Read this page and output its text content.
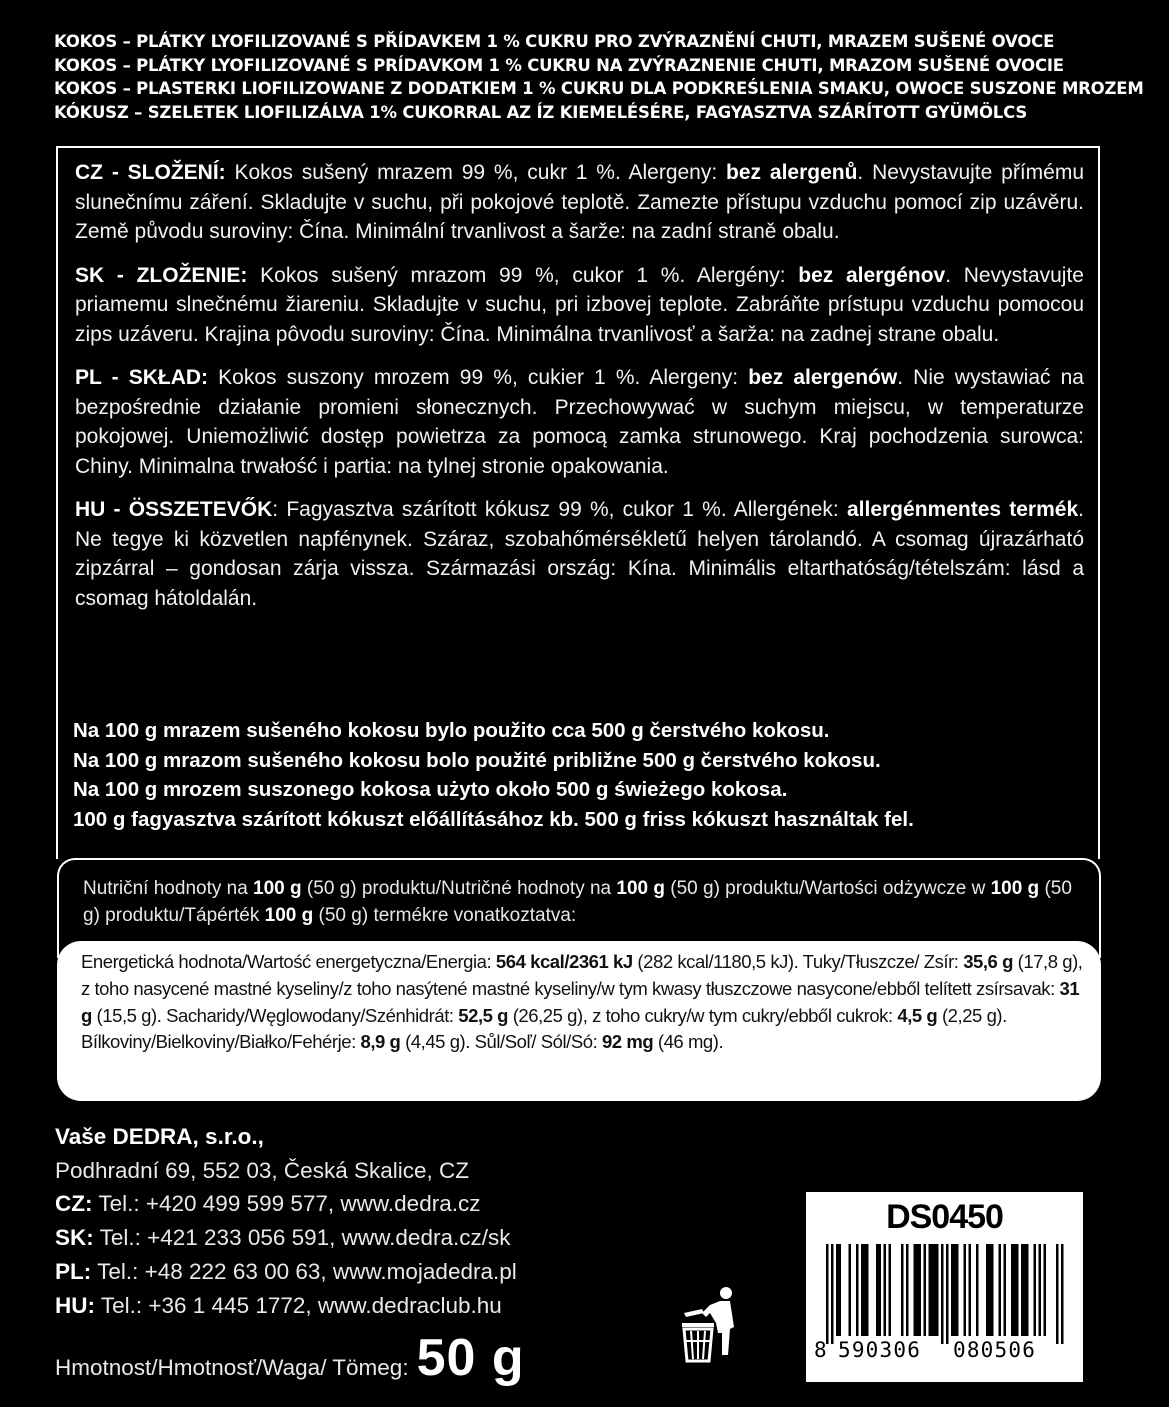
KOKOS – PLÁTKY LYOFILIZOVANÉ S PŘÍDAVKEM 1 % CUKRU PRO ZVÝRAZNĚNÍ CHUTI, MRAZEM SUŠENÉ OVOCE
KOKOS – PLÁTKY LYOFILIZOVANÉ S PRÍDAVKOM 1 % CUKRU NA ZVÝRAZNENIE CHUTI, MRAZOM SUŠENÉ OVOCIE
KOKOS – PLASTERKI LIOFILIZOWANE Z DODATKIEM 1 % CUKRU DLA PODKREŚLENIA SMAKU, OWOCE SUSZONE MROZEM
KÓKUSZ – SZELETEK LIOFILIZÁLVA 1% CUKORRAL AZ ÍZ KIEMELÉSÉRE, FAGYASZTVA SZÁRÍTOTT GYÜMÖLCS

CZ - SLOŽENÍ: Kokos sušený mrazem 99 %, cukr 1 %. Alergeny: bez alergenů. Nevystavujte přímému slunečnímu záření. Skladujte v suchu, při pokojové teplotě. Zamezte přístupu vzduchu pomocí zip uzávěru. Země původu suroviny: Čína. Minimální trvanlivost a šarže: na zadní straně obalu.

SK - ZLOŽENIE: Kokos sušený mrazom 99 %, cukor 1 %. Alergény: bez alergénov. Nevystavujte priamemu slnečnému žiareniu. Skladujte v suchu, pri izbovej teplote. Zabráňte prístupu vzduchu pomocou zips uzáveru. Krajina pôvodu suroviny: Čína. Minimálna trvanlivosť a šarža: na zadnej strane obalu.

PL - SKŁAD: Kokos suszony mrozem 99 %, cukier 1 %. Alergeny: bez alergenów. Nie wystawiać na bezpośrednie działanie promieni słonecznych. Przechowywać w suchym miejscu, w temperaturze pokojowej. Uniemożliwić dostęp powietrza za pomocą zamka strunowego. Kraj pochodzenia surowca: Chiny. Minimalna trwałość i partia: na tylnej stronie opakowania.

HU - ÖSSZETEVŐK: Fagyasztva szárított kókusz 99 %, cukor 1 %. Allergének: allergénmentes termék. Ne tegye ki közvetlen napfénynek. Száraz, szobahőmérsékletű helyen tárolandó. A csomag újrazárható zipzárral – gondosan zárja vissza. Származási ország: Kína. Minimális eltarthatóság/tételszám: lásd a csomag hátoldalán.

Na 100 g mrazem sušeného kokosu bylo použito cca 500 g čerstvého kokosu.
Na 100 g mrazom sušeného kokosu bolo použité približne 500 g čerstvého kokosu.
Na 100 g mrozem suszonego kokosa użyto około 500 g świeżego kokosa.
100 g fagyasztva szárított kókuszt előállításához kb. 500 g friss kókuszt használtak fel.
Nutriční hodnoty na 100 g (50 g) produktu/Nutričné hodnoty na 100 g (50 g) produktu/Wartości odżywcze w 100 g (50 g) produktu/Tápérték 100 g (50 g) termékre vonatkoztatva:
Energetická hodnota/Wartość energetyczna/Energia: 564 kcal/2361 kJ (282 kcal/1180,5 kJ). Tuky/Tłuszcze/ Zsír: 35,6 g (17,8 g), z toho nasycené mastné kyseliny/z toho nasýtené mastné kyseliny/w tym kwasy tłuszczowe nasycone/ebből telített zsírsavak: 31 g (15,5 g). Sacharidy/Węglowodany/Szénhidrát: 52,5 g (26,25 g), z toho cukry/w tym cukry/ebből cukrok: 4,5 g (2,25 g). Bílkoviny/Bielkoviny/Białko/Fehérje: 8,9 g (4,45 g). Sůl/Soľ/ Sól/Só: 92 mg (46 mg).
Vaše DEDRA, s.r.o.,
Podhradní 69, 552 03, Česká Skalice, CZ
CZ: Tel.: +420 499 599 577, www.dedra.cz
SK: Tel.: +421 233 056 591, www.dedra.cz/sk
PL: Tel.: +48 222 63 00 63, www.mojadedra.pl
HU: Tel.: +36 1 445 1772, www.dedraclub.hu
Hmotnost/Hmotnosť/Waga/ Tömeg: 50 g
DS0450
8 590306 080506
